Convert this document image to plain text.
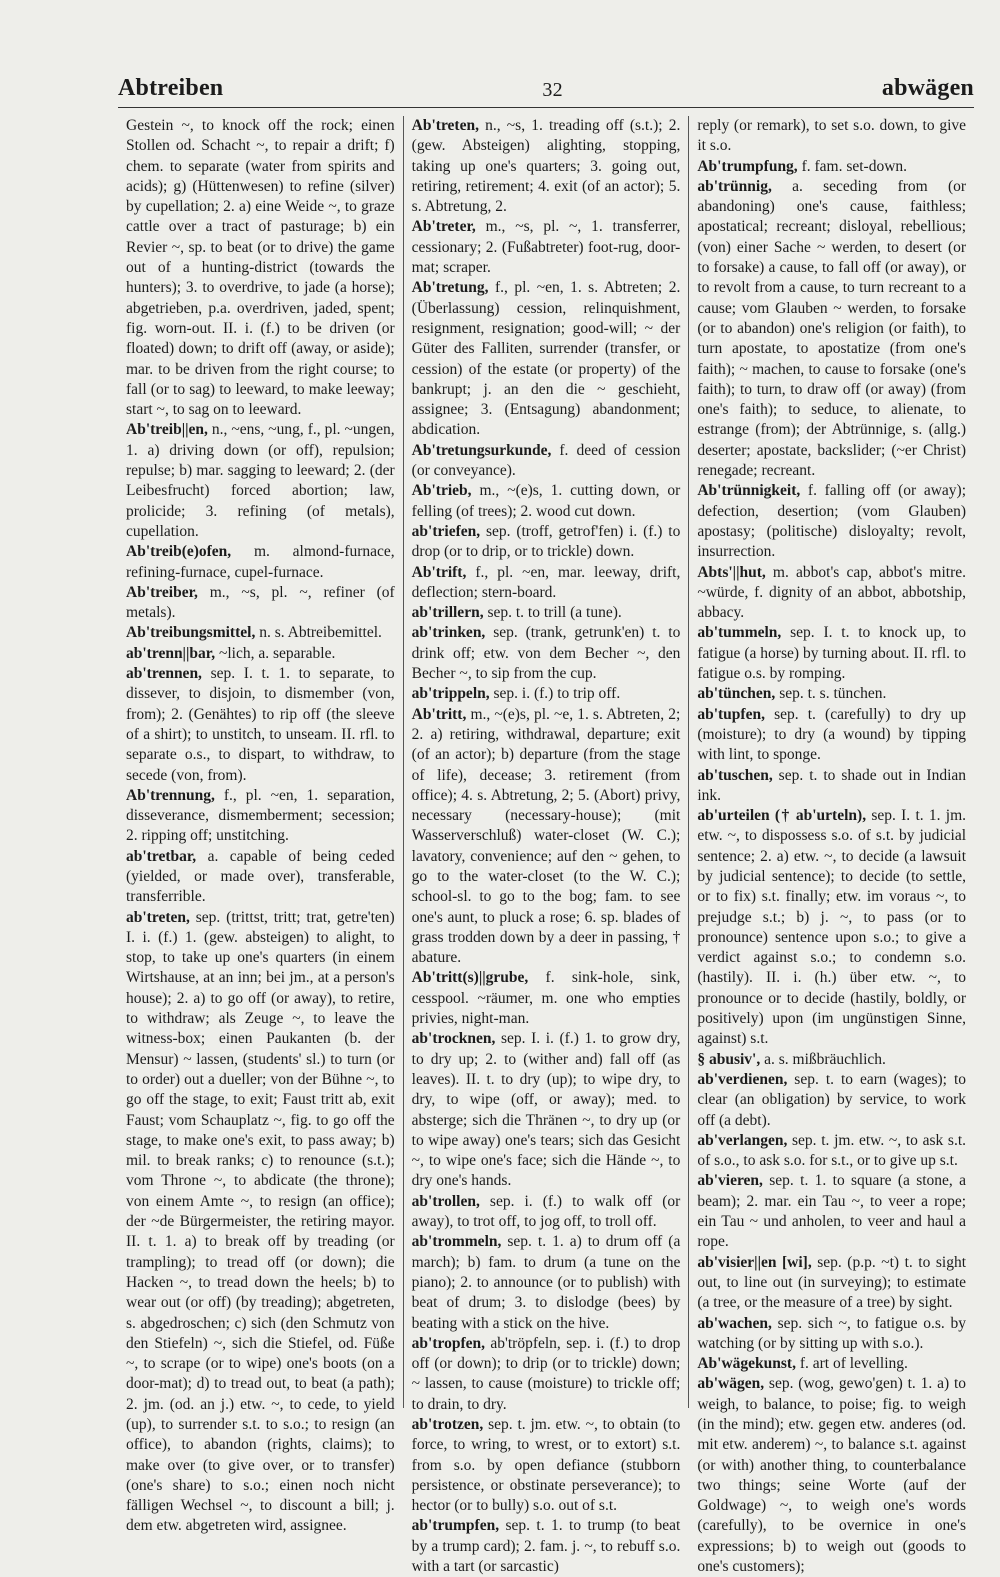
Abtreiben	32	abwägen

Gestein ~, to knock off the rock; einen Stollen od. Schacht ~, to repair a drift; f) chem. to separate (water from spirits and acids); g) (Hüttenwesen) to refine (silver) by cupellation; 2. a) eine Weide ~, to graze cattle over a tract of pasturage; b) ein Revier ~, sp. to beat (or to drive) the game out of a hunting-district (towards the hunters); 3. to overdrive, to jade (a horse); abgetrieben, p.a. overdriven, jaded, spent; fig. worn-out. II. i. (f.) to be driven (or floated) down; to drift off (away, or aside); mar. to be driven from the right course; to fall (or to sag) to leeward, to make leeway; start ~, to sag on to leeward.

Ab'treib||en, n., ~ens, ~ung, f., pl. ~ungen, 1. a) driving down (or off), repulsion; repulse; b) mar. sagging to leeward; 2. (der Leibesfrucht) forced abortion; law, prolicide; 3. refining (of metals), cupellation.

Ab'treib(e)ofen, m. almond-furnace, refining-furnace, cupel-furnace.

Ab'treiber, m., ~s, pl. ~, refiner (of metals).

Ab'treibungsmittel, n. s. Abtreibemittel.

ab'trenn||bar, ~lich, a. separable.

ab'trennen, sep. I. t. 1. to separate, to dissever, to disjoin, to dismember (von, from); 2. (Genähtes) to rip off (the sleeve of a shirt); to unstitch, to unseam. II. rfl. to separate o.s., to dispart, to withdraw, to secede (von, from).

Ab'trennung, f., pl. ~en, 1. separation, disseverance, dismemberment; secession; 2. ripping off; unstitching.

ab'tretbar, a. capable of being ceded (yielded, or made over), transferable, transferrible.

ab'treten, sep. (trittst, tritt; trat, getre'ten) I. i. (f.) 1. (gew. absteigen) to alight, to stop, to take up one's quarters (in einem Wirtshause, at an inn; bei jm., at a person's house); 2. a) to go off (or away), to retire, to withdraw; als Zeuge ~, to leave the witness-box; einen Paukanten (b. der Mensur) ~ lassen, (students' sl.) to turn (or to order) out a dueller; von der Bühne ~, to go off the stage, to exit; Faust tritt ab, exit Faust; vom Schauplatz ~, fig. to go off the stage, to make one's exit, to pass away; b) mil. to break ranks; c) to renounce (s.t.); vom Throne ~, to abdicate (the throne); von einem Amte ~, to resign (an office); der ~de Bürgermeister, the retiring mayor. II. t. 1. a) to break off by treading (or trampling); to tread off (or down); die Hacken ~, to tread down the heels; b) to wear out (or off) (by treading); abgetreten, s. abgedroschen; c) sich (den Schmutz von den Stiefeln) ~, sich die Stiefel, od. Füße ~, to scrape (or to wipe) one's boots (on a door-mat); d) to tread out, to beat (a path); 2. jm. (od. an j.) etw. ~, to cede, to yield (up), to surrender s.t. to s.o.; to resign (an office), to abandon (rights, claims); to make over (to give over, or to transfer) (one's share) to s.o.; einen noch nicht fälligen Wechsel ~, to discount a bill; j. dem etw. abgetreten wird, assignee.

Ab'treten, n., ~s, 1. treading off (s.t.); 2. (gew. Absteigen) alighting, stopping, taking up one's quarters; 3. going out, retiring, retirement; 4. exit (of an actor); 5. s. Abtretung, 2.

Ab'treter, m., ~s, pl. ~, 1. transferrer, cessionary; 2. (Fußabtreter) foot-rug, door-mat; scraper.

Ab'tretung, f., pl. ~en, 1. s. Abtreten; 2. (Überlassung) cession, relinquishment, resignment, resignation; good-will; ~ der Güter des Falliten, surrender (transfer, or cession) of the estate (or property) of the bankrupt; j. an den die ~ geschieht, assignee; 3. (Entsagung) abandonment; abdication.

Ab'tretungsurkunde, f. deed of cession (or conveyance).

Ab'trieb, m., ~(e)s, 1. cutting down, or felling (of trees); 2. wood cut down.

ab'triefen, sep. (troff, getrof'fen) i. (f.) to drop (or to drip, or to trickle) down.

Ab'trift, f., pl. ~en, mar. leeway, drift, deflection; stern-board.

ab'trillern, sep. t. to trill (a tune).

ab'trinken, sep. (trank, getrunk'en) t. to drink off; etw. von dem Becher ~, den Becher ~, to sip from the cup.

ab'trippeln, sep. i. (f.) to trip off.

Ab'tritt, m., ~(e)s, pl. ~e, 1. s. Abtreten, 2; 2. a) retiring, withdrawal, departure; exit (of an actor); b) departure (from the stage of life), decease; 3. retirement (from office); 4. s. Abtretung, 2; 5. (Abort) privy, necessary (necessary-house); (mit Wasserverschluß) water-closet (W. C.); lavatory, convenience; auf den ~ gehen, to go to the water-closet (to the W. C.); school-sl. to go to the bog; fam. to see one's aunt, to pluck a rose; 6. sp. blades of grass trodden down by a deer in passing, † abature.

Ab'tritt(s)||grube, f. sink-hole, sink, cesspool. ~räumer, m. one who empties privies, night-man.

ab'trocknen, sep. I. i. (f.) 1. to grow dry, to dry up; 2. to (wither and) fall off (as leaves). II. t. to dry (up); to wipe dry, to dry, to wipe (off, or away); med. to absterge; sich die Thränen ~, to dry up (or to wipe away) one's tears; sich das Gesicht ~, to wipe one's face; sich die Hände ~, to dry one's hands.

ab'trollen, sep. i. (f.) to walk off (or away), to trot off, to jog off, to troll off.

ab'trommeln, sep. t. 1. a) to drum off (a march); b) fam. to drum (a tune on the piano); 2. to announce (or to publish) with beat of drum; 3. to dislodge (bees) by beating with a stick on the hive.

ab'tropfen, ab'tröpfeln, sep. i. (f.) to drop off (or down); to drip (or to trickle) down; ~ lassen, to cause (moisture) to trickle off; to drain, to dry.

ab'trotzen, sep. t. jm. etw. ~, to obtain (to force, to wring, to wrest, or to extort) s.t. from s.o. by open defiance (stubborn persistence, or obstinate perseverance); to hector (or to bully) s.o. out of s.t.

ab'trumpfen, sep. t. 1. to trump (to beat by a trump card); 2. fam. j. ~, to rebuff s.o. with a tart (or sarcastic)

reply (or remark), to set s.o. down, to give it s.o.

Ab'trumpfung, f. fam. set-down.

ab'trünnig, a. seceding from (or abandoning) one's cause, faithless; apostatical; recreant; disloyal, rebellious; (von) einer Sache ~ werden, to desert (or to forsake) a cause, to fall off (or away), or to revolt from a cause, to turn recreant to a cause; vom Glauben ~ werden, to forsake (or to abandon) one's religion (or faith), to turn apostate, to apostatize (from one's faith); ~ machen, to cause to forsake (one's faith); to turn, to draw off (or away) (from one's faith); to seduce, to alienate, to estrange (from); der Abtrünnige, s. (allg.) deserter; apostate, backslider; (~er Christ) renegade; recreant.

Ab'trünnigkeit, f. falling off (or away); defection, desertion; (vom Glauben) apostasy; (politische) disloyalty; revolt, insurrection.

Abts'||hut, m. abbot's cap, abbot's mitre. ~würde, f. dignity of an abbot, abbotship, abbacy.

ab'tummeln, sep. I. t. to knock up, to fatigue (a horse) by turning about. II. rfl. to fatigue o.s. by romping.

ab'tünchen, sep. t. s. tünchen.

ab'tupfen, sep. t. (carefully) to dry up (moisture); to dry (a wound) by tipping with lint, to sponge.

ab'tuschen, sep. t. to shade out in Indian ink.

ab'urteilen († ab'urteln), sep. I. t. 1. jm. etw. ~, to dispossess s.o. of s.t. by judicial sentence; 2. a) etw. ~, to decide (a lawsuit by judicial sentence); to decide (to settle, or to fix) s.t. finally; etw. im voraus ~, to prejudge s.t.; b) j. ~, to pass (or to pronounce) sentence upon s.o.; to give a verdict against s.o.; to condemn s.o. (hastily). II. i. (h.) über etw. ~, to pronounce or to decide (hastily, boldly, or positively) upon (im ungünstigen Sinne, against) s.t.

§ abusiv', a. s. mißbräuchlich.

ab'verdienen, sep. t. to earn (wages); to clear (an obligation) by service, to work off (a debt).

ab'verlangen, sep. t. jm. etw. ~, to ask s.t. of s.o., to ask s.o. for s.t., or to give up s.t.

ab'vieren, sep. t. 1. to square (a stone, a beam); 2. mar. ein Tau ~, to veer a rope; ein Tau ~ und anholen, to veer and haul a rope.

ab'visier||en [wi], sep. (p.p. ~t) t. to sight out, to line out (in surveying); to estimate (a tree, or the measure of a tree) by sight.

ab'wachen, sep. sich ~, to fatigue o.s. by watching (or by sitting up with s.o.).

Ab'wägekunst, f. art of levelling.

ab'wägen, sep. (wog, gewo'gen) t. 1. a) to weigh, to balance, to poise; fig. to weigh (in the mind); etw. gegen etw. anderes (od. mit etw. anderem) ~, to balance s.t. against (or with) another thing, to counterbalance two things; seine Worte (auf der Goldwage) ~, to weigh one's words (carefully), to be overnice in one's expressions; b) to weigh out (goods to one's customers);
